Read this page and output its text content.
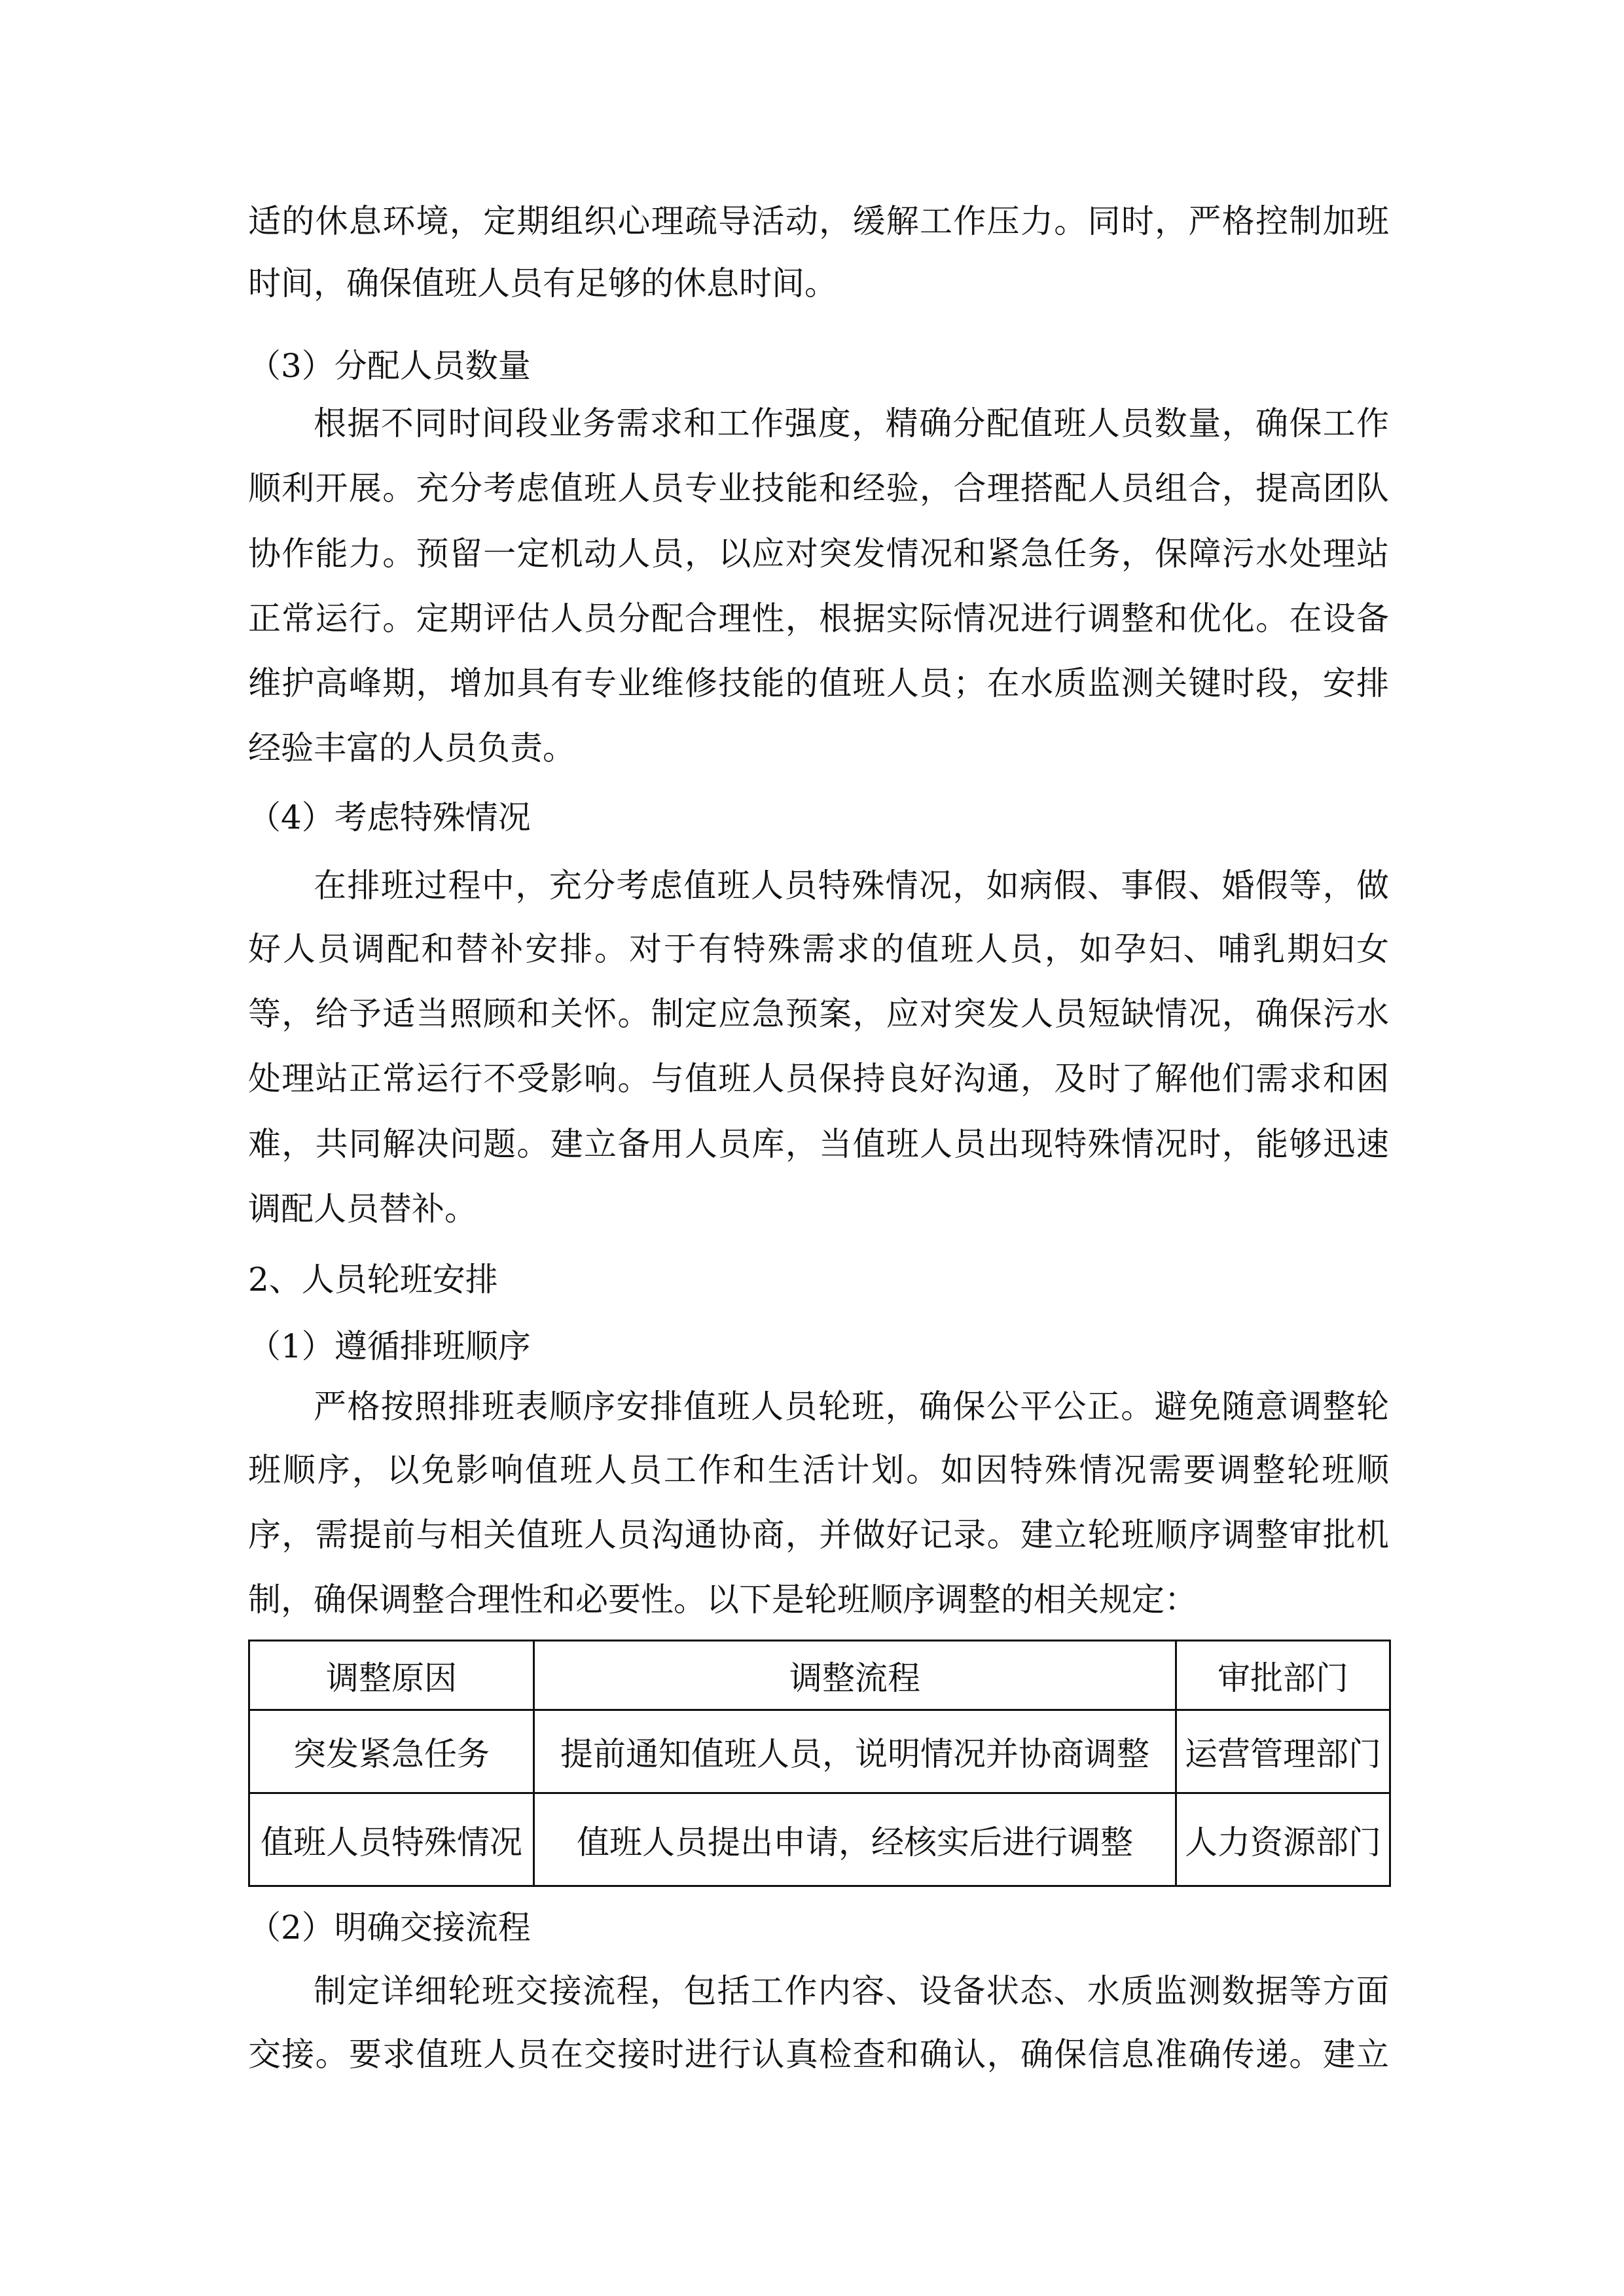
适的休息环境，定期组织心理疏导活动，缓解工作压力。同时，严格控制加班
时间，确保值班人员有足够的休息时间。
（3）分配人员数量
根据不同时间段业务需求和工作强度，精确分配值班人员数量，确保工作
顺利开展。充分考虑值班人员专业技能和经验，合理搭配人员组合，提高团队
协作能力。预留一定机动人员，以应对突发情况和紧急任务，保障污水处理站
正常运行。定期评估人员分配合理性，根据实际情况进行调整和优化。在设备
维护高峰期，增加具有专业维修技能的值班人员；在水质监测关键时段，安排
经验丰富的人员负责。
（4）考虑特殊情况
在排班过程中，充分考虑值班人员特殊情况，如病假、事假、婚假等，做
好人员调配和替补安排。对于有特殊需求的值班人员，如孕妇、哺乳期妇女
等，给予适当照顾和关怀。制定应急预案，应对突发人员短缺情况，确保污水
处理站正常运行不受影响。与值班人员保持良好沟通，及时了解他们需求和困
难，共同解决问题。建立备用人员库，当值班人员出现特殊情况时，能够迅速
调配人员替补。
2、人员轮班安排
（1）遵循排班顺序
严格按照排班表顺序安排值班人员轮班，确保公平公正。避免随意调整轮
班顺序，以免影响值班人员工作和生活计划。如因特殊情况需要调整轮班顺
序，需提前与相关值班人员沟通协商，并做好记录。建立轮班顺序调整审批机
制，确保调整合理性和必要性。以下是轮班顺序调整的相关规定：
（2）明确交接流程
制定详细轮班交接流程，包括工作内容、设备状态、水质监测数据等方面
交接。要求值班人员在交接时进行认真检查和确认，确保信息准确传递。建立
调整原因	调整流程	审批部门
突发紧急任务	提前通知值班人员，说明情况并协商调整	运营管理部门
值班人员特殊情况	值班人员提出申请，经核实后进行调整	人力资源部门
